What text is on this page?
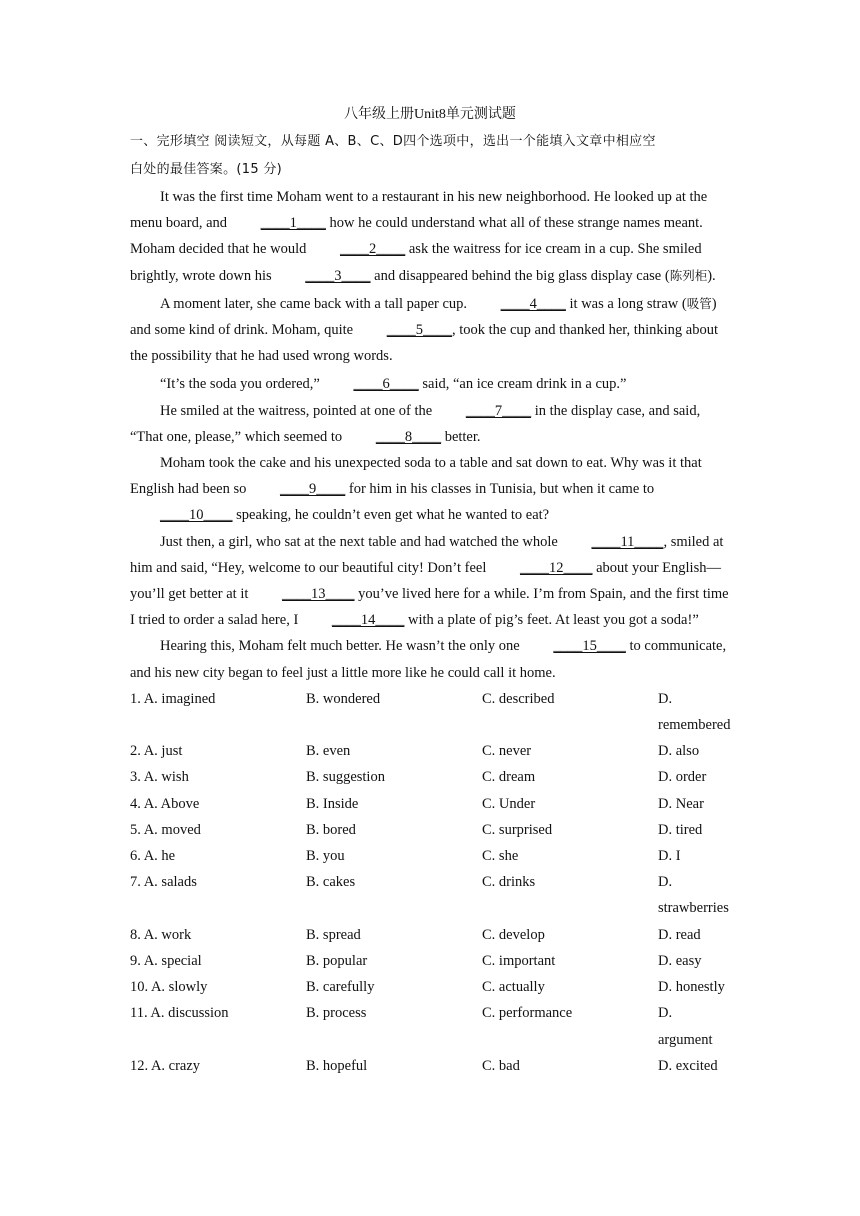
八年级上册Unit8单元测试题
一、完形填空 阅读短文，从每题 A、B、C、D四个选项中，选出一个能填入文章中相应空
白处的最佳答案。(15 分)

It was the first time Moham went to a restaurant in his new neighborhood. He looked up at the menu board, and ____1____ how he could understand what all of these strange names meant. Moham decided that he would ____2____ ask the waitress for ice cream in a cup. She smiled brightly, wrote down his ____3____ and disappeared behind the big glass display case (陈列柜).

A moment later, she came back with a tall paper cup. ____4____ it was a long straw (吸管) and some kind of drink. Moham, quite ____5____, took the cup and thanked her, thinking about the possibility that he had used wrong words.

“It’s the soda you ordered,” ____6____ said, “an ice cream drink in a cup.”

He smiled at the waitress, pointed at one of the ____7____ in the display case, and said, “That one, please,” which seemed to ____8____ better.

Moham took the cake and his unexpected soda to a table and sat down to eat. Why was it that English had been so ____9____ for him in his classes in Tunisia, but when it came to ____10____ speaking, he couldn’t even get what he wanted to eat?

Just then, a girl, who sat at the next table and had watched the whole ____11____, smiled at him and said, “Hey, welcome to our beautiful city! Don’t feel ____12____ about your English—you’ll get better at it ____13____ you’ve lived here for a while. I’m from Spain, and the first time I tried to order a salad here, I ____14____ with a plate of pig’s feet. At least you got a soda!”

Hearing this, Moham felt much better. He wasn’t the only one ____15____ to communicate, and his new city began to feel just a little more like he could call it home.

1. A. imagined	B. wondered	C. described	D. remembered
2. A. just	B. even	C. never	D. also
3. A. wish	B. suggestion	C. dream	D. order
4. A. Above	B. Inside	C. Under	D. Near
5. A. moved	B. bored	C. surprised	D. tired
6. A. he	B. you	C. she	D. I
7. A. salads	B. cakes	C. drinks	D. strawberries
8. A. work	B. spread	C. develop	D. read
9. A. special	B. popular	C. important	D. easy
10. A. slowly	B. carefully	C. actually	D. honestly
11. A. discussion	B. process	C. performance	D. argument
12. A. crazy	B. hopeful	C. bad	D. excited
